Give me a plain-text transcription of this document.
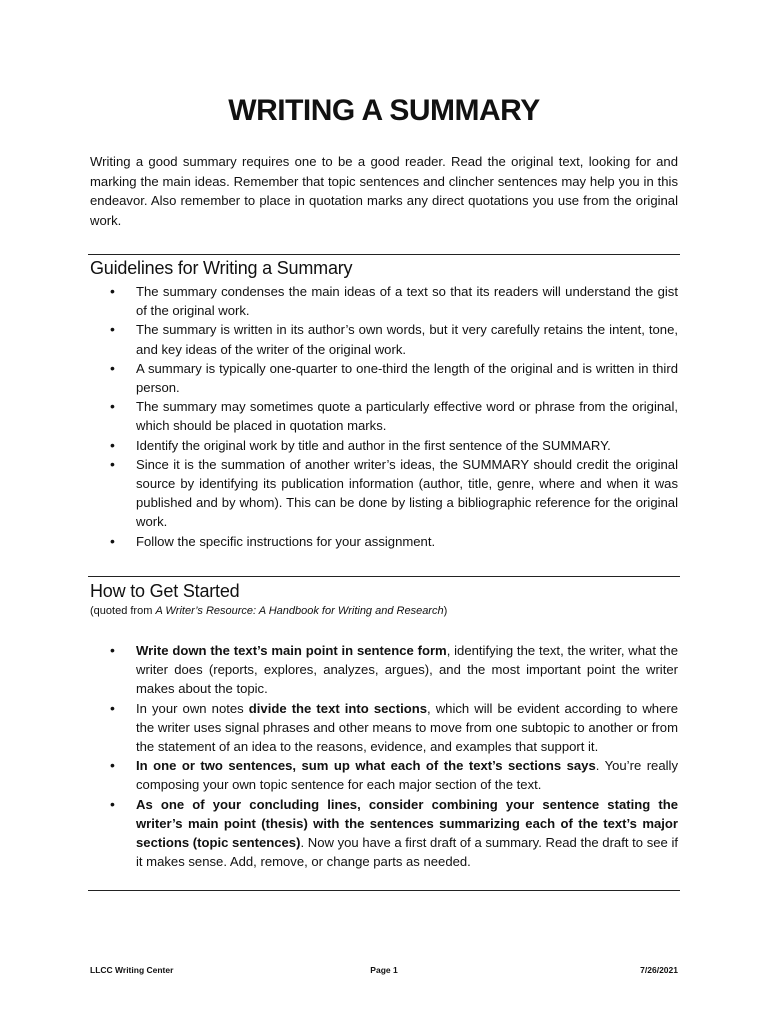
WRITING A SUMMARY

Writing a good summary requires one to be a good reader. Read the original text, looking for and marking the main ideas. Remember that topic sentences and clincher sentences may help you in this endeavor. Also remember to place in quotation marks any direct quotations you use from the original work.

Guidelines for Writing a Summary
• The summary condenses the main ideas of a text so that its readers will understand the gist of the original work.
• The summary is written in its author’s own words, but it very carefully retains the intent, tone, and key ideas of the writer of the original work.
• A summary is typically one-quarter to one-third the length of the original and is written in third person.
• The summary may sometimes quote a particularly effective word or phrase from the original, which should be placed in quotation marks.
• Identify the original work by title and author in the first sentence of the SUMMARY.
• Since it is the summation of another writer’s ideas, the SUMMARY should credit the original source by identifying its publication information (author, title, genre, where and when it was published and by whom). This can be done by listing a bibliographic reference for the original work.
• Follow the specific instructions for your assignment.
How to Get Started

(quoted from A Writer’s Resource: A Handbook for Writing and Research)

• Write down the text’s main point in sentence form, identifying the text, the writer, what the writer does (reports, explores, analyzes, argues), and the most important point the writer makes about the topic.
• In your own notes divide the text into sections, which will be evident according to where the writer uses signal phrases and other means to move from one subtopic to another or from the statement of an idea to the reasons, evidence, and examples that support it.
• In one or two sentences, sum up what each of the text’s sections says. You’re really composing your own topic sentence for each major section of the text.
• As one of your concluding lines, consider combining your sentence stating the writer’s main point (thesis) with the sentences summarizing each of the text’s major sections (topic sentences). Now you have a first draft of a summary. Read the draft to see if it makes sense. Add, remove, or change parts as needed.

LLCC Writing Center	Page 1	7/26/2021
